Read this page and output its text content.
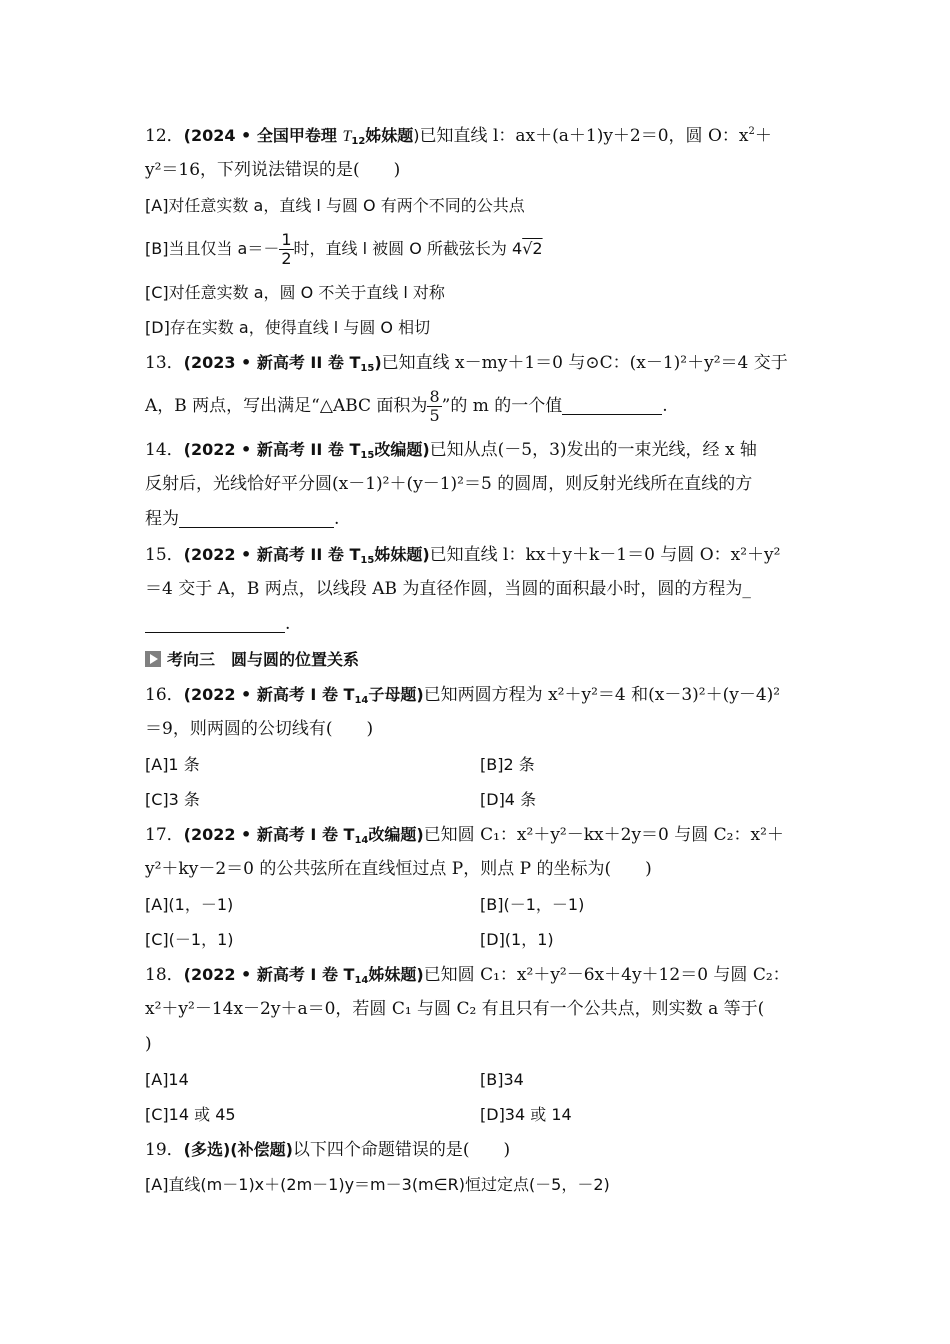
12．(2024 • 全国甲卷理 $T_{12}$姊妹题)已知直线 l：ax＋(a＋1)y＋2＝0，圆 O：$x^2+$
y²＝16，下列说法错误的是(　　)
[A]对任意实数 a，直线 l 与圆 O 有两个不同的公共点
[B]当且仅当 $a=- \frac{1}{2}$ 时，直线 l 被圆 O 所截弦长为 4√2
[C]对任意实数 a，圆 O 不关于直线 l 对称
[D]存在实数 a，使得直线 l 与圆 O 相切
13．(2023 • 新高考 II 卷 $T_{15}$)已知直线 x－my＋1＝0 与⊙C：(x－1)²＋y²＝4 交于
A，B 两点，写出满足“△ABC 面积为 $\frac{8}{5}$ ”的 m 的一个值	.
14．(2022 • 新高考 II 卷 $T_{15}$改编题)已知从点(－5，3)发出的一束光线，经 x 轴
反射后，光线恰好平分圆(x－1)²＋(y－1)²＝5 的圆周，则反射光线所在直线的方
程为	.
15．(2022 • 新高考 II 卷 $T_{15}$姊妹题)已知直线 l：kx＋y＋k－1＝0 与圆 O：x²＋y²
＝4 交于 A，B 两点，以线段 AB 为直径作圆，当圆的面积最小时，圆的方程为_
.
考向三　圆与圆的位置关系
16．(2022 • 新高考 I 卷 $T_{14}$子母题)已知两圆方程为 x²＋y²＝4 和(x－3)²＋(y－4)²
＝9，则两圆的公切线有(　　)
[A]1 条	[B]2 条
[C]3 条	[D]4 条
17．(2022 • 新高考 I 卷 $T_{14}$改编题)已知圆 C₁：x²＋y²－kx＋2y＝0 与圆 C₂：x²＋
y²＋ky－2＝0 的公共弦所在直线恒过点 P，则点 P 的坐标为(　　)
[A](1，－1)	[B](－1，－1)
[C](－1，1)	[D](1，1)
18．(2022 • 新高考 I 卷 $T_{14}$姊妹题)已知圆 C₁：x²＋y²－6x＋4y＋12＝0 与圆 C₂：
x²＋y²－14x－2y＋a＝0，若圆 C₁ 与圆 C₂ 有且只有一个公共点，则实数 a 等于(
)
[A]14	[B]34
[C]14 或 45	[D]34 或 14
19．(多选)(补偿题)以下四个命题错误的是(　　)
[A]直线(m－1)x＋(2m－1)y＝m－3(m∈R)恒过定点(－5，－2)
